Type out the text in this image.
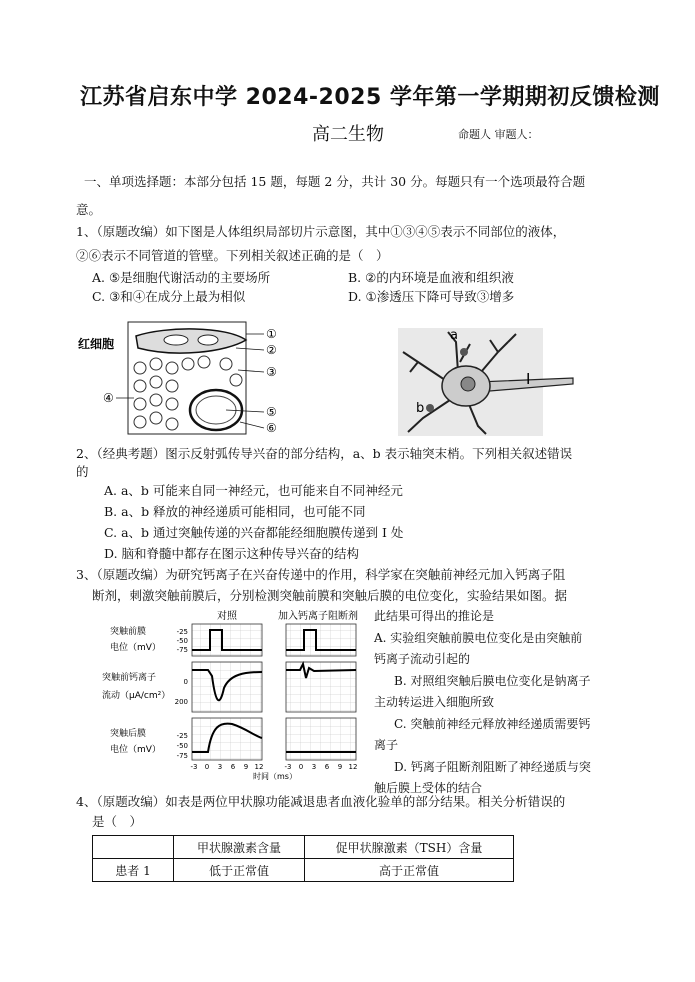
江苏省启东中学 2024-2025 学年第一学期期初反馈检测
高二生物	命题人 审题人：
一、单项选择题：本部分包括 15 题，每题 2 分，共计 30 分。每题只有一个选项最符合题
意。
1、（原题改编）如下图是人体组织局部切片示意图，其中①③④⑤表示不同部位的液体，
②⑥表示不同管道的管壁。下列相关叙述正确的是（　）
A. ⑤是细胞代谢活动的主要场所	B. ②的内环境是血液和组织液
C. ③和④在成分上最为相似	D. ①渗透压下降可导致③增多
红细胞
①
②
③
④
⑤
⑥
a
b
I
2、（经典考题）图示反射弧传导兴奋的部分结构，a、b 表示轴突末梢。下列相关叙述错误
的
A. a、b 可能来自同一神经元，也可能来自不同神经元
B. a、b 释放的神经递质可能相同，也可能不同
C. a、b 通过突触传递的兴奋都能经细胞膜传递到 I 处
D. 脑和脊髓中都存在图示这种传导兴奋的结构
3、（原题改编）为研究钙离子在兴奋传递中的作用，科学家在突触前神经元加入钙离子阻
断剂，刺激突触前膜后，分别检测突触前膜和突触后膜的电位变化，实验结果如图。据
此结果可得出的推论是
A. 实验组突触前膜电位变化是由突触前
钙离子流动引起的
B. 对照组突触后膜电位变化是钠离子
主动转运进入细胞所致
C. 突触前神经元释放神经递质需要钙
离子
D. 钙离子阻断剂阻断了神经递质与突
触后膜上受体的结合
对照	加入钙离子阻断剂
突触前膜
电位（mV）
突触前钙离子
流动（μA/cm²）
突触后膜
电位（mV）
-25
-50
-75
0
200
-25
-50
-75
-3 0 3 6 9 12	-3 0 3 6 9 12
时间（ms）
4、（原题改编）如表是两位甲状腺功能减退患者血液化验单的部分结果。相关分析错误的
是（　）
	甲状腺激素含量	促甲状腺激素（TSH）含量
患者 1	低于正常值	高于正常值
